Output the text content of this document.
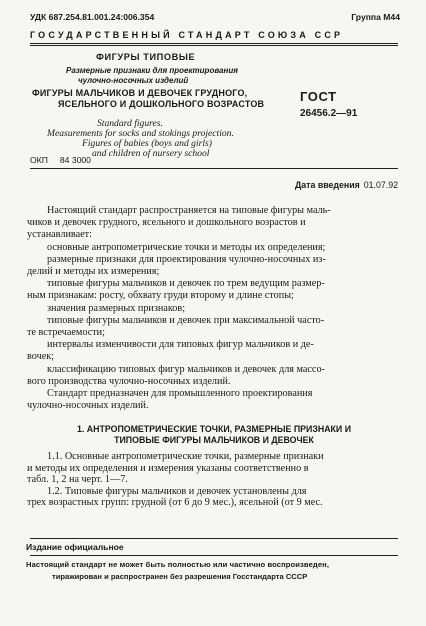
УДК 687.254.81.001.24:006.354	Группа М44
ГОСУДАРСТВЕННЫЙ СТАНДАРТ СОЮЗА ССР
ФИГУРЫ ТИПОВЫЕ
Размерные признаки для проектирования
чулочно-носочных изделий
ФИГУРЫ МАЛЬЧИКОВ И ДЕВОЧЕК ГРУДНОГО,
ЯСЕЛЬНОГО И ДОШКОЛЬНОГО ВОЗРАСТОВ	ГОСТ
26456.2—91
Standard figures.
Measurements for socks and stokings projection.
Figures of babies (boys and girls)
and children of nursery school
ОКП 84 3000
Дата введения 01.07.92
Настоящий стандарт распространяется на типовые фигуры маль-
чиков и девочек грудного, ясельного и дошкольного возрастов и
устанавливает:
основные антропометрические точки и методы их определения;
размерные признаки для проектирования чулочно-носочных из-
делий и методы их измерения;
типовые фигуры мальчиков и девочек по трем ведущим размер-
ным признакам: росту, обхвату груди второму и длине стопы;
значения размерных признаков;
типовые фигуры мальчиков и девочек при максимальной часто-
те встречаемости;
интервалы изменчивости для типовых фигур мальчиков и де-
вочек;
классификацию типовых фигур мальчиков и девочек для массо-
вого производства чулочно-носочных изделий.
Стандарт предназначен для промышленного проектирования
чулочно-носочных изделий.
1. АНТРОПОМЕТРИЧЕСКИЕ ТОЧКИ, РАЗМЕРНЫЕ ПРИЗНАКИ И
ТИПОВЫЕ ФИГУРЫ МАЛЬЧИКОВ И ДЕВОЧЕК
1.1. Основные антропометрические точки, размерные признаки
и методы их определения и измерения указаны соответственно в
табл. 1, 2 на черт. 1—7.
1.2. Типовые фигуры мальчиков и девочек установлены для
трех возрастных групп: грудной (от 6 до 9 мес.), ясельной (от 9 мес.
Издание официальное
Настоящий стандарт не может быть полностью или частично воспроизведен,
тиражирован и распространен без разрешения Госстандарта СССР
